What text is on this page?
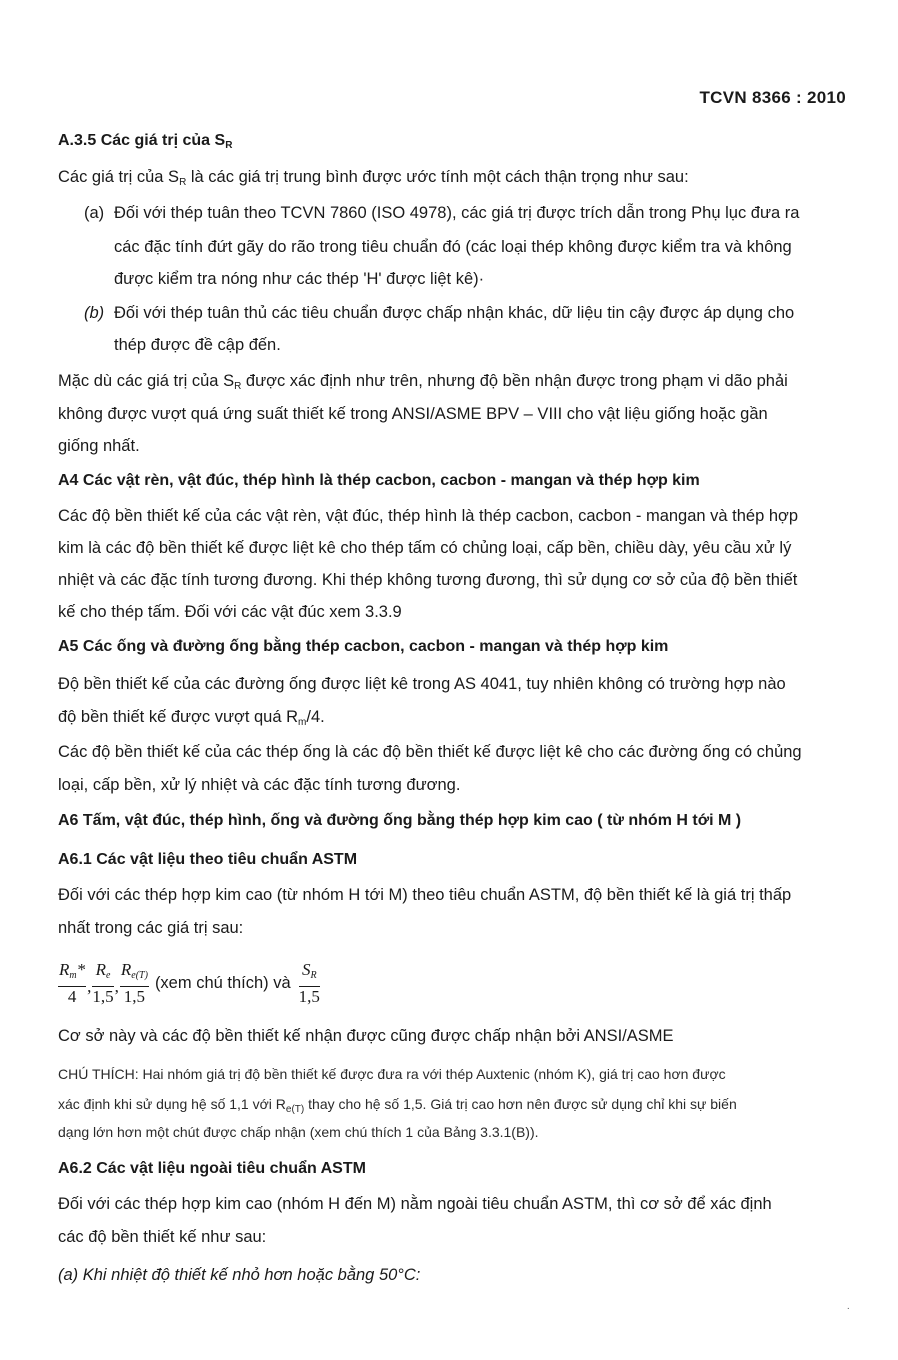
TCVN 8366 : 2010
A.3.5 Các giá trị của $S_R$
Các giá trị của $S_R$ là các giá trị trung bình được ước tính một cách thận trọng như sau:
(a) Đối với thép tuân theo TCVN 7860 (ISO 4978), các giá trị được trích dẫn trong Phụ lục đưa ra
các đặc tính đứt gãy do rão trong tiêu chuẩn đó (các loại thép không được kiểm tra và không
được kiểm tra nóng như các thép 'H' được liệt kê)·
(b) Đối với thép tuân thủ các tiêu chuẩn được chấp nhận khác, dữ liệu tin cậy được áp dụng cho
thép được đề cập đến.
Mặc dù các giá trị của $S_R$ được xác định như trên, nhưng độ bền nhận được trong phạm vi dão phải
không được vượt quá ứng suất thiết kế trong ANSI/ASME BPV – VIII cho vật liệu giống hoặc gần
giống nhất.
A4 Các vật rèn, vật đúc, thép hình là thép cacbon, cacbon - mangan và thép hợp kim
Các độ bền thiết kế của các vật rèn, vật đúc, thép hình là thép cacbon, cacbon - mangan và thép hợp
kim là các độ bền thiết kế được liệt kê cho thép tấm có chủng loại, cấp bền, chiều dày, yêu cầu xử lý
nhiệt và các đặc tính tương đương. Khi thép không tương đương, thì sử dụng cơ sở của độ bền thiết
kế cho thép tấm. Đối với các vật đúc xem 3.3.9
A5 Các ống và đường ống bằng thép cacbon, cacbon - mangan và thép hợp kim
Độ bền thiết kế của các đường ống được liệt kê trong AS 4041, tuy nhiên không có trường hợp nào
độ bền thiết kế được vượt quá $R_m/4$.
Các độ bền thiết kế của các thép ống là các độ bền thiết kế được liệt kê cho các đường ống có chủng
loại, cấp bền, xử lý nhiệt và các đặc tính tương đương.
A6 Tấm, vật đúc, thép hình, ống và đường ống bằng thép hợp kim cao ( từ nhóm H tới M )
A6.1 Các vật liệu theo tiêu chuẩn ASTM
Đối với các thép hợp kim cao (từ nhóm H tới M) theo tiêu chuẩn ASTM, độ bền thiết kế là giá trị thấp
nhất trong các giá trị sau:
$\frac{R_m*}{4}$ , $\frac{R_e}{1,5}$ , $\frac{R_{e(T)}}{1,5} (xem$ chú thích) và $\frac{S_R}{1,5}$
Cơ sở này và các độ bền thiết kế nhận được cũng được chấp nhận bởi ANSI/ASME
CHÚ THÍCH: Hai nhóm giá trị độ bền thiết kế được đưa ra với thép Auxtenic (nhóm K), giá trị cao hơn được
xác định khi sử dụng hệ số 1,1 với $R_{e(T)}$ thay cho hệ số 1,5. Giá trị cao hơn nên được sử dụng chỉ khi sự biến
dạng lớn hơn một chút được chấp nhận (xem chú thích 1 của Bảng 3.3.1(B)).
A6.2 Các vật liệu ngoài tiêu chuẩn ASTM
Đối với các thép hợp kim cao (nhóm H đến M) nằm ngoài tiêu chuẩn ASTM, thì cơ sở để xác định
các độ bền thiết kế như sau:
(a) Khi nhiệt độ thiết kế nhỏ hơn hoặc bằng 50°C:
·
